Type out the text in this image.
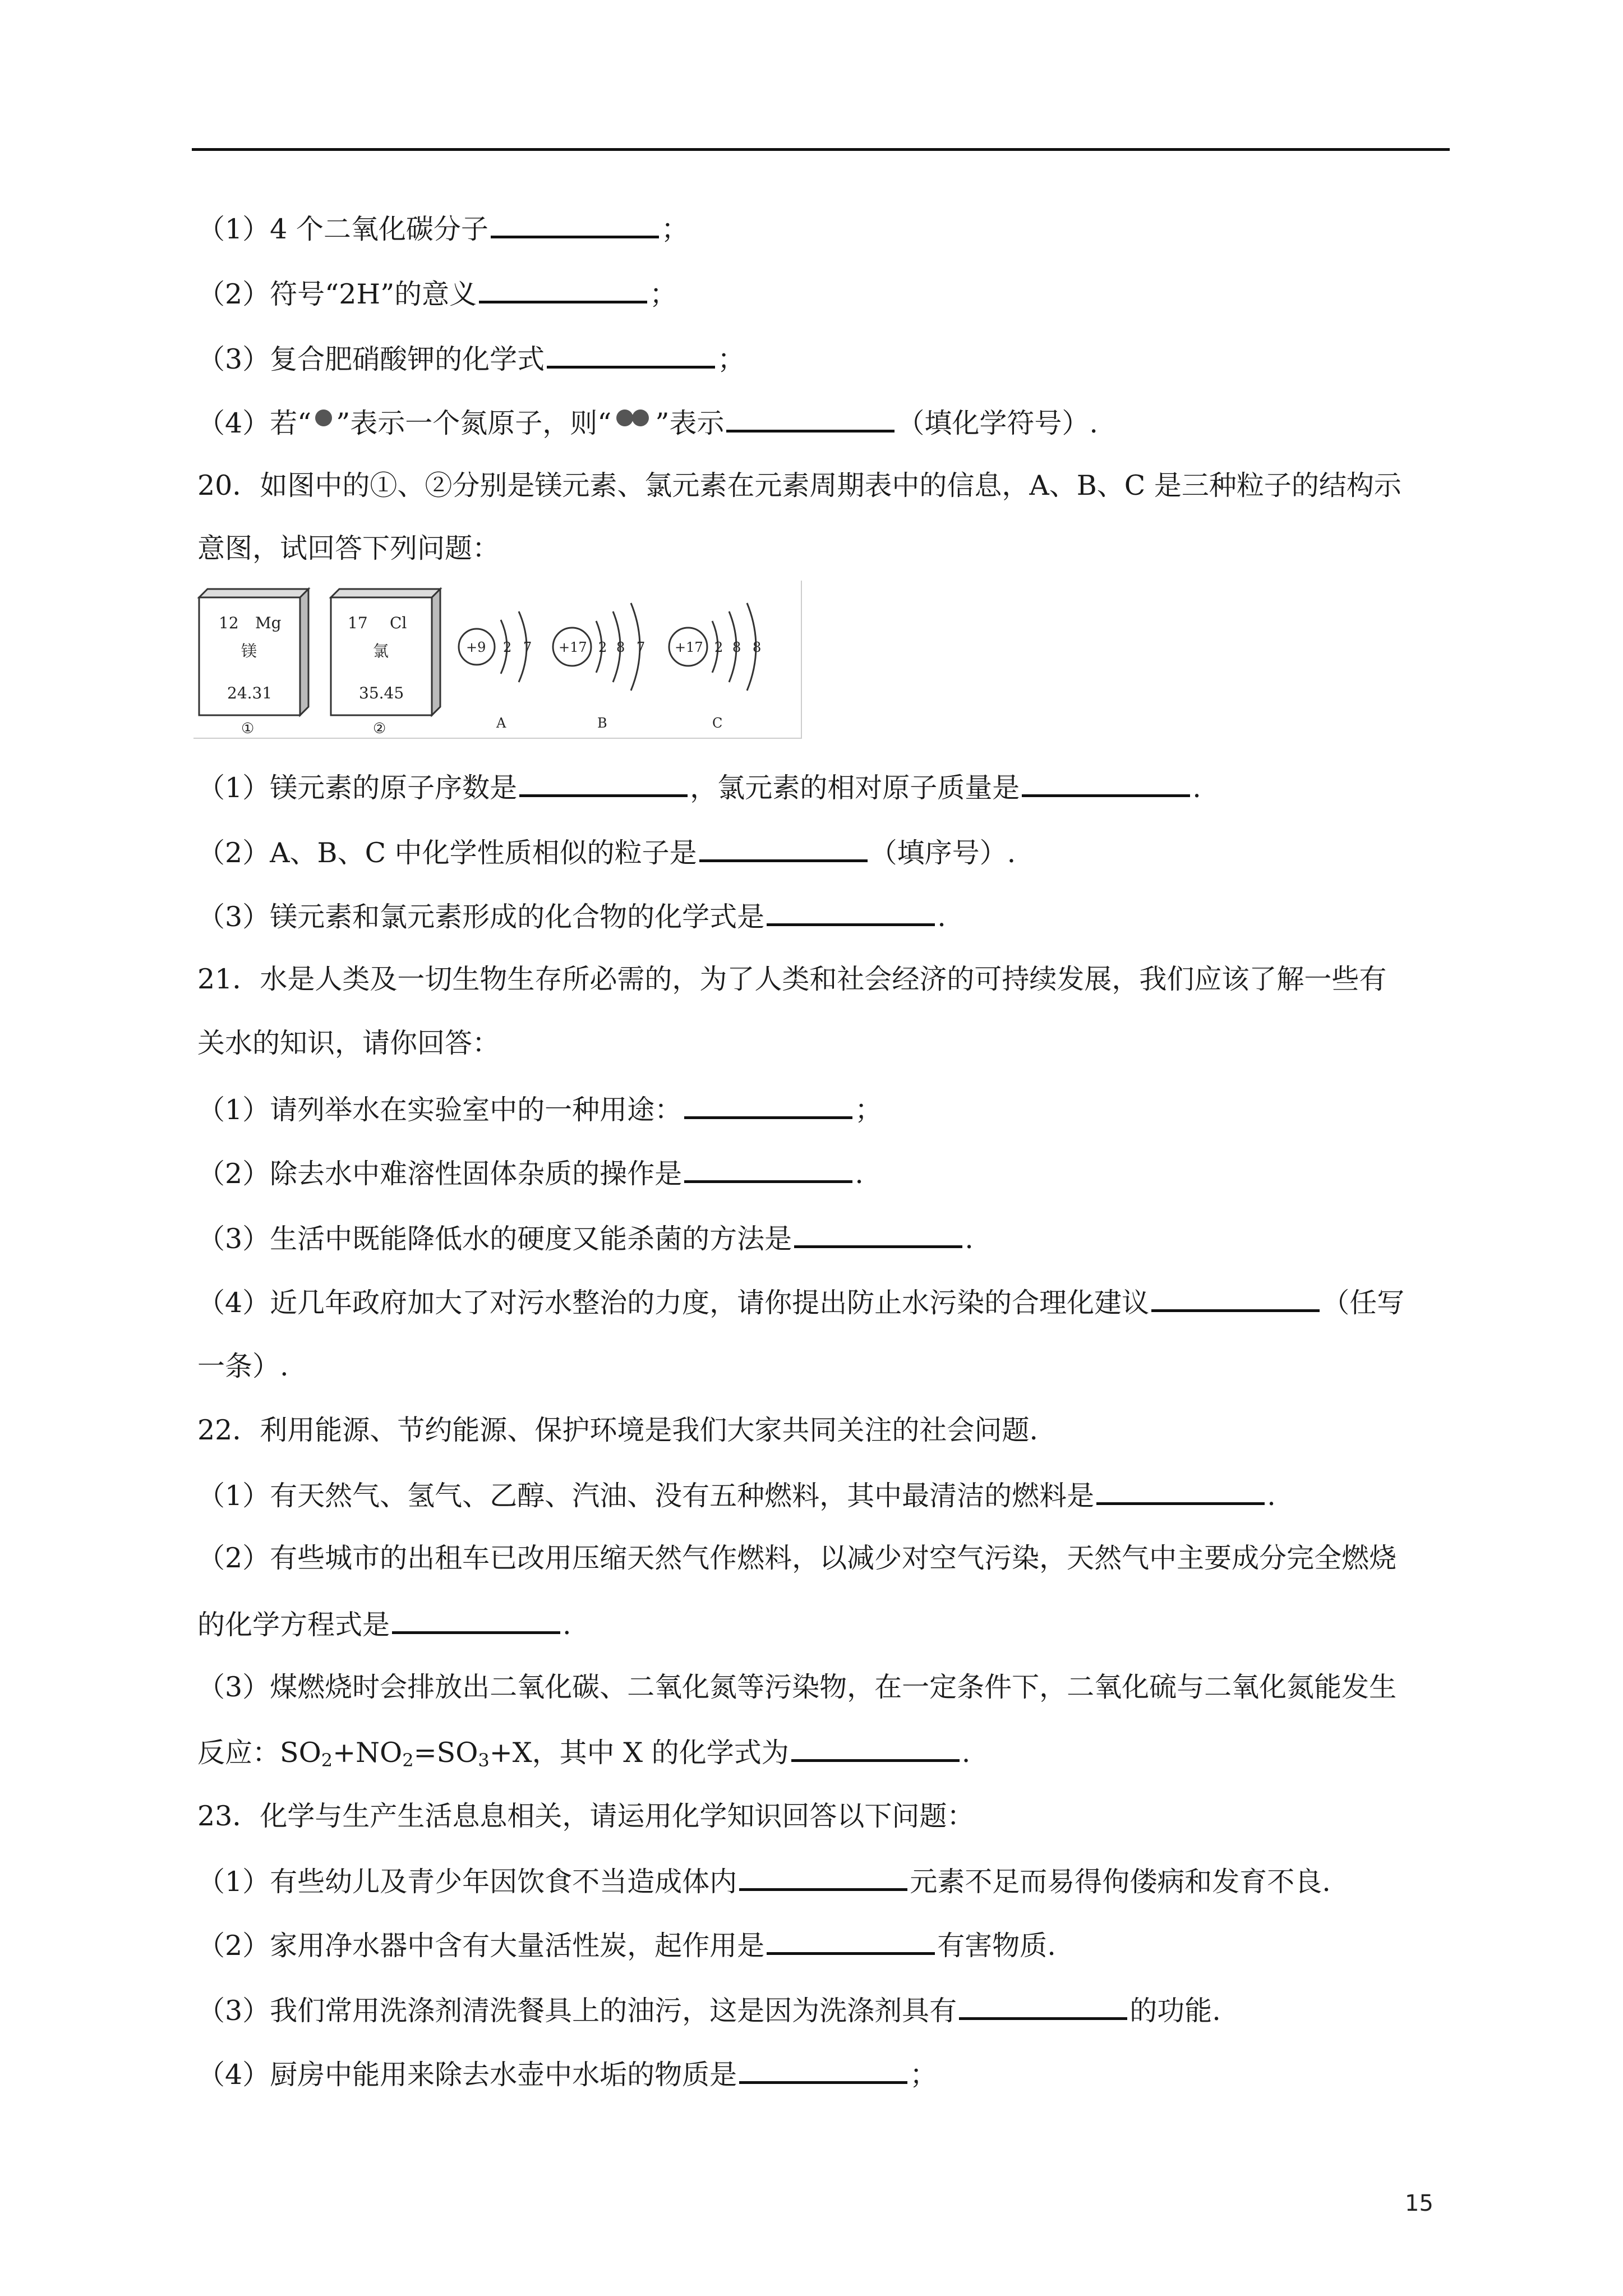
（1）4 个二氧化碳分子	；
（2）符号“2H”的意义	；
（3）复合肥硝酸钾的化学式	；
（4）若“ ”表示一个氮原子，则“ ”表示	（填化学符号）.
20．如图中的①、②分别是镁元素、氯元素在元素周期表中的信息，A、B、C 是三种粒子的结构示
意图，试回答下列问题：
12 Mg
镁
24.31
①
17 Cl
氯
35.45
②
+9 2 7
A
+17 2 8 7
B
+17 2 8 8
C
（1）镁元素的原子序数是	，氯元素的相对原子质量是	.
（2）A、B、C 中化学性质相似的粒子是	（填序号）.
（3）镁元素和氯元素形成的化合物的化学式是	.
21．水是人类及一切生物生存所必需的，为了人类和社会经济的可持续发展，我们应该了解一些有
关水的知识，请你回答：
（1）请列举水在实验室中的一种用途：	；
（2）除去水中难溶性固体杂质的操作是	.
（3）生活中既能降低水的硬度又能杀菌的方法是	.
（4）近几年政府加大了对污水整治的力度，请你提出防止水污染的合理化建议	（任写
一条）.
22．利用能源、节约能源、保护环境是我们大家共同关注的社会问题.
（1）有天然气、氢气、乙醇、汽油、没有五种燃料，其中最清洁的燃料是	.
（2）有些城市的出租车已改用压缩天然气作燃料，以减少对空气污染，天然气中主要成分完全燃烧
的化学方程式是	.
（3）煤燃烧时会排放出二氧化碳、二氧化氮等污染物，在一定条件下，二氧化硫与二氧化氮能发生
反应：$SO_2+NO_2=SO_3+X$，其中 X 的化学式为	.
23．化学与生产生活息息相关，请运用化学知识回答以下问题：
（1）有些幼儿及青少年因饮食不当造成体内	元素不足而易得佝偻病和发育不良.
（2）家用净水器中含有大量活性炭，起作用是	有害物质.
（3）我们常用洗涤剂清洗餐具上的油污，这是因为洗涤剂具有	的功能.
（4）厨房中能用来除去水壶中水垢的物质是	；
15
